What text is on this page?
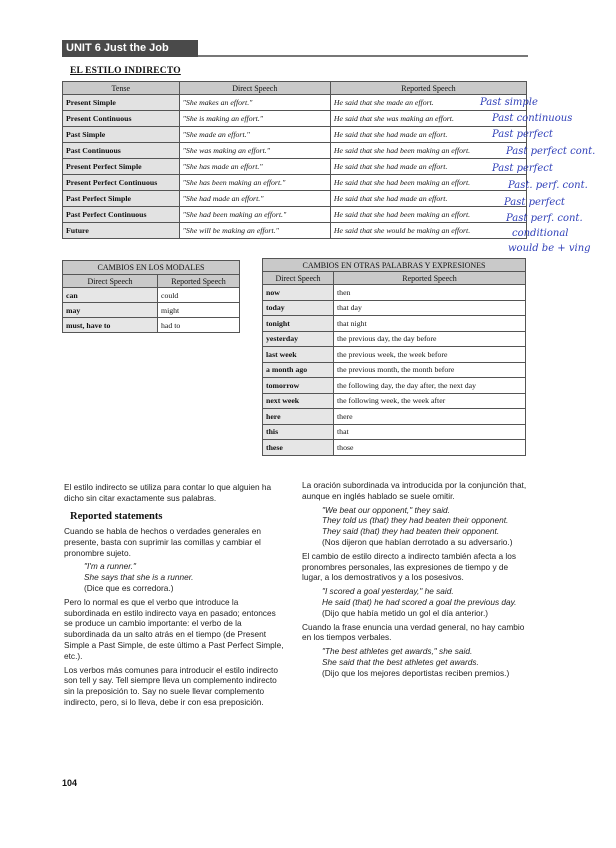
UNIT 6 Just the Job
EL ESTILO INDIRECTO
Tense	Direct Speech	Reported Speech
Present Simple	"She makes an effort."	He said that she made an effort.
Present Continuous	"She is making an effort."	He said that she was making an effort.
Past Simple	"She made an effort."	He said that she had made an effort.
Past Continuous	"She was making an effort."	He said that she had been making an effort.
Present Perfect Simple	"She has made an effort."	He said that she had made an effort.
Present Perfect Continuous	"She has been making an effort."	He said that she had been making an effort.
Past Perfect Simple	"She had made an effort."	He said that she had made an effort.
Past Perfect Continuous	"She had been making an effort."	He said that she had been making an effort.
Future	"She will be making an effort."	He said that she would be making an effort.
Past simple
Past continuous
Past perfect
Past perfect cont.
Past perfect
Past. perf. cont.
Past perfect
Past perf. cont.
conditional
would be + ving
CAMBIOS EN LOS MODALES	
Direct Speech	Reported Speech
can	could
may	might
must, have to	had to
CAMBIOS EN OTRAS PALABRAS Y EXPRESIONES	
Direct Speech	Reported Speech
now	then
today	that day
tonight	that night
yesterday	the previous day, the day before
last week	the previous week, the week before
a month ago	the previous month, the month before
tomorrow	the following day, the day after, the next day
next week	the following week, the week after
here	there
this	that
these	those

El estilo indirecto se utiliza para contar lo que alguien ha dicho sin citar exactamente sus palabras.

Reported statements

Cuando se habla de hechos o verdades generales en presente, basta con suprimir las comillas y cambiar el pronombre sujeto.

"I'm a runner."
She says that she is a runner.
(Dice que es corredora.)

Pero lo normal es que el verbo que introduce la subordinada en estilo indirecto vaya en pasado; entonces se produce un cambio importante: el verbo de la subordinada da un salto atrás en el tiempo (de Present Simple a Past Simple, de este último a Past Perfect Simple, etc.).

Los verbos más comunes para introducir el estilo indirecto son tell y say. Tell siempre lleva un complemento indirecto sin la preposición to. Say no suele llevar complemento indirecto, pero, si lo lleva, debe ir con esa preposición.

La oración subordinada va introducida por la conjunción that, aunque en inglés hablado se suele omitir.

"We beat our opponent," they said.
They told us (that) they had beaten their opponent.
They said (that) they had beaten their opponent.
(Nos dijeron que habían derrotado a su adversario.)

El cambio de estilo directo a indirecto también afecta a los pronombres personales, las expresiones de tiempo y de lugar, a los demostrativos y a los posesivos.

"I scored a goal yesterday," he said.
He said (that) he had scored a goal the previous day.
(Dijo que había metido un gol el día anterior.)

Cuando la frase enuncia una verdad general, no hay cambio en los tiempos verbales.

"The best athletes get awards," she said.
She said that the best athletes get awards.
(Dijo que los mejores deportistas reciben premios.)
104
